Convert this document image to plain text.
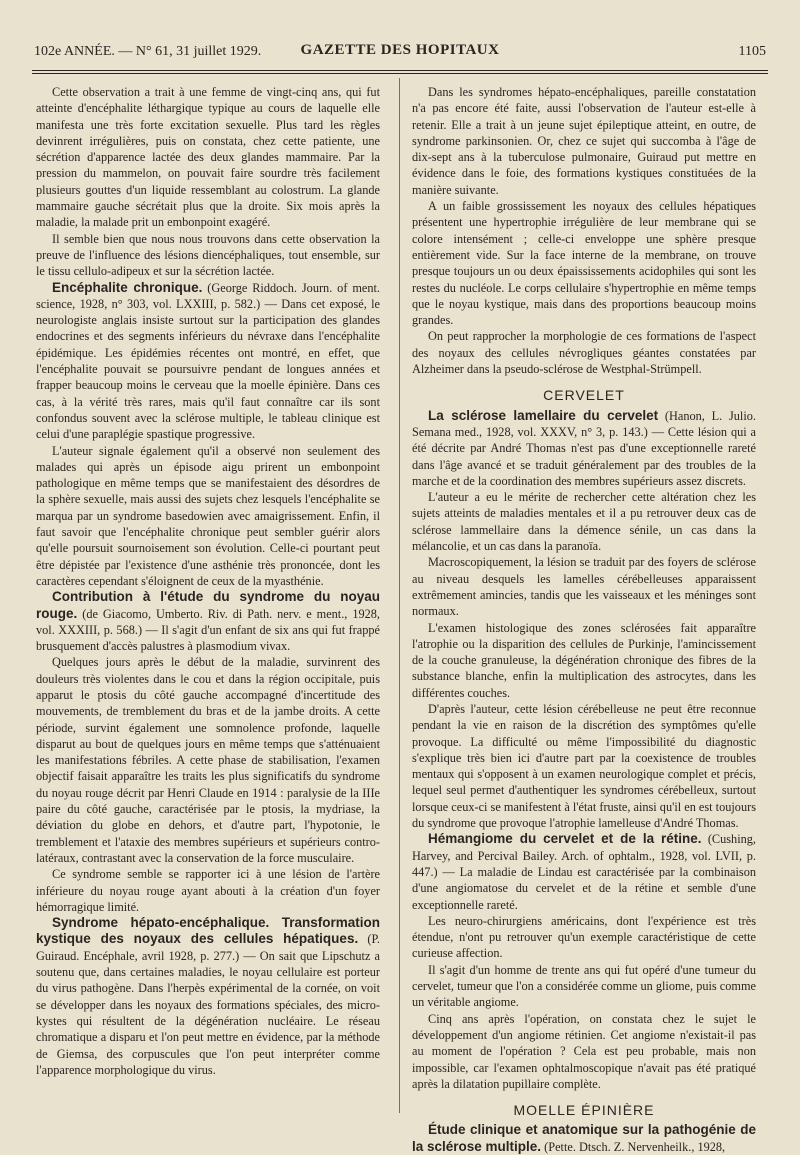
102e ANNÉE. — N° 61, 31 juillet 1929.	GAZETTE DES HOPITAUX	1105

Cette observation a trait à une femme de vingt-cinq ans, qui fut atteinte d'encéphalite léthargique typique au cours de laquelle elle manifesta une très forte excitation sexuelle. Plus tard les règles devinrent irrégulières, puis on constata, chez cette patiente, une sécrétion d'apparence lactée des deux glandes mammaire. Par la pression du mammelon, on pouvait faire sourdre très facilement plusieurs gouttes d'un liquide ressemblant au colostrum. La glande mammaire gauche sécrétait plus que la droite. Six mois après la maladie, la malade prit un embonpoint exagéré.

Il semble bien que nous nous trouvons dans cette observation la preuve de l'influence des lésions diencéphaliques, tout ensemble, sur le tissu cellulo-adipeux et sur la sécrétion lactée.

Encéphalite chronique. (George Riddoch. Journ. of ment. science, 1928, n° 303, vol. LXXIII, p. 582.) — Dans cet exposé, le neurologiste anglais insiste surtout sur la participation des glandes endocrines et des segments inférieurs du névraxe dans l'encéphalite épidémique. Les épidémies récentes ont montré, en effet, que l'encéphalite pouvait se poursuivre pendant de longues années et frapper beaucoup moins le cerveau que la moelle épinière. Dans ces cas, à la vérité très rares, mais qu'il faut connaître car ils sont confondus souvent avec la sclérose multiple, le tableau clinique est celui d'une paraplégie spastique progressive.

L'auteur signale également qu'il a observé non seulement des malades qui après un épisode aigu prirent un embonpoint pathologique en même temps que se manifestaient des désordres de la sphère sexuelle, mais aussi des sujets chez lesquels l'encéphalite se marqua par un syndrome basedowien avec amaigrissement. Enfin, il faut savoir que l'encéphalite chronique peut sembler guérir alors qu'elle poursuit sournoisement son évolution. Celle-ci pourtant peut être dépistée par l'existence d'une asthénie très prononcée, dont les caractères cependant s'éloignent de ceux de la myasthénie.

Contribution à l'étude du syndrome du noyau rouge. (de Giacomo, Umberto. Riv. di Path. nerv. e ment., 1928, vol. XXXIII, p. 568.) — Il s'agit d'un enfant de six ans qui fut frappé brusquement d'accès palustres à plasmodium vivax.

Quelques jours après le début de la maladie, survinrent des douleurs très violentes dans le cou et dans la région occipitale, puis apparut le ptosis du côté gauche accompagné d'incertitude des mouvements, de tremblement du bras et de la jambe droits. A cette période, survint également une somnolence profonde, laquelle disparut au bout de quelques jours en même temps que s'atténuaient les manifestations fébriles. A cette phase de stabilisation, l'examen objectif faisait apparaître les traits les plus significatifs du syndrome du noyau rouge décrit par Henri Claude en 1914 : paralysie de la IIIe paire du côté gauche, caractérisée par le ptosis, la mydriase, la déviation du globe en dehors, et d'autre part, l'hypotonie, le tremblement et l'ataxie des membres supérieurs et supérieurs contro-latéraux, contrastant avec la conservation de la force musculaire.

Ce syndrome semble se rapporter ici à une lésion de l'artère inférieure du noyau rouge ayant abouti à la création d'un foyer hémorragique limité.

Syndrome hépato-encéphalique. Transformation kystique des noyaux des cellules hépatiques. (P. Guiraud. Encéphale, avril 1928, p. 277.) — On sait que Lipschutz a soutenu que, dans certaines maladies, le noyau cellulaire est porteur du virus pathogène. Dans l'herpès expérimental de la cornée, on voit se développer dans les noyaux des formations spéciales, des micro-kystes qui résultent de la dégénération nucléaire. Le réseau chromatique a disparu et l'on peut mettre en évidence, par la méthode de Giemsa, des corpuscules que l'on peut interpréter comme l'apparence morphologique du virus.

Dans les syndromes hépato-encéphaliques, pareille constatation n'a pas encore été faite, aussi l'observation de l'auteur est-elle à retenir. Elle a trait à un jeune sujet épileptique atteint, en outre, de syndrome parkinsonien. Or, chez ce sujet qui succomba à l'âge de dix-sept ans à la tuberculose pulmonaire, Guiraud put mettre en évidence dans le foie, des formations kystiques constituées de la manière suivante.

A un faible grossissement les noyaux des cellules hépatiques présentent une hypertrophie irrégulière de leur membrane qui se colore intensément ; celle-ci enveloppe une sphère presque entièrement vide. Sur la face interne de la membrane, on trouve presque toujours un ou deux épaississements acidophiles qui sont les restes du nucléole. Le corps cellulaire s'hypertrophie en même temps que le noyau kystique, mais dans des proportions beaucoup moins grandes.

On peut rapprocher la morphologie de ces formations de l'aspect des noyaux des cellules névrogliques géantes constatées par Alzheimer dans la pseudo-sclérose de Westphal-Strümpell.

CERVELET

La sclérose lamellaire du cervelet (Hanon, L. Julio. Semana med., 1928, vol. XXXV, n° 3, p. 143.) — Cette lésion qui a été décrite par André Thomas n'est pas d'une exceptionnelle rareté dans l'âge avancé et se traduit généralement par des troubles de la marche et de la coordination des membres supérieurs assez discrets.

L'auteur a eu le mérite de rechercher cette altération chez les sujets atteints de maladies mentales et il a pu retrouver deux cas de sclérose lammellaire dans la démence sénile, un cas dans la mélancolie, et un cas dans la paranoïa.

Macroscopiquement, la lésion se traduit par des foyers de sclérose au niveau desquels les lamelles cérébelleuses apparaissent extrêmement amincies, tandis que les vaisseaux et les méninges sont normaux.

L'examen histologique des zones sclérosées fait apparaître l'atrophie ou la disparition des cellules de Purkinje, l'amincissement de la couche granuleuse, la dégénération chronique des fibres de la substance blanche, enfin la multiplication des astrocytes, dans les différentes couches.

D'après l'auteur, cette lésion cérébelleuse ne peut être reconnue pendant la vie en raison de la discrétion des symptômes qu'elle provoque. La difficulté ou même l'impossibilité du diagnostic s'explique très bien ici d'autre part par la coexistence de troubles mentaux qui s'opposent à un examen neurologique complet et précis, lequel seul permet d'authentiquer les syndromes cérébelleux, surtout lorsque ceux-ci se manifestent à l'état fruste, ainsi qu'il en est toujours du syndrome que provoque l'atrophie lamelleuse d'André Thomas.

Hémangiome du cervelet et de la rétine. (Cushing, Harvey, and Percival Bailey. Arch. of ophtalm., 1928, vol. LVII, p. 447.) — La maladie de Lindau est caractérisée par la combinaison d'une angiomatose du cervelet et de la rétine et semble d'une exceptionnelle rareté.

Les neuro-chirurgiens américains, dont l'expérience est très étendue, n'ont pu retrouver qu'un exemple caractéristique de cette curieuse affection.

Il s'agit d'un homme de trente ans qui fut opéré d'une tumeur du cervelet, tumeur que l'on a considérée comme un gliome, puis comme un véritable angiome.

Cinq ans après l'opération, on constata chez le sujet le développement d'un angiome rétinien. Cet angiome n'existait-il pas au moment de l'opération ? Cela est peu probable, mais non impossible, car l'examen ophtalmoscopique n'avait pas été pratiqué après la dilatation pupillaire complète.

MOELLE ÉPINIÈRE

Étude clinique et anatomique sur la pathogénie de la sclérose multiple. (Pette. Dtsch. Z. Nervenheilk., 1928,
